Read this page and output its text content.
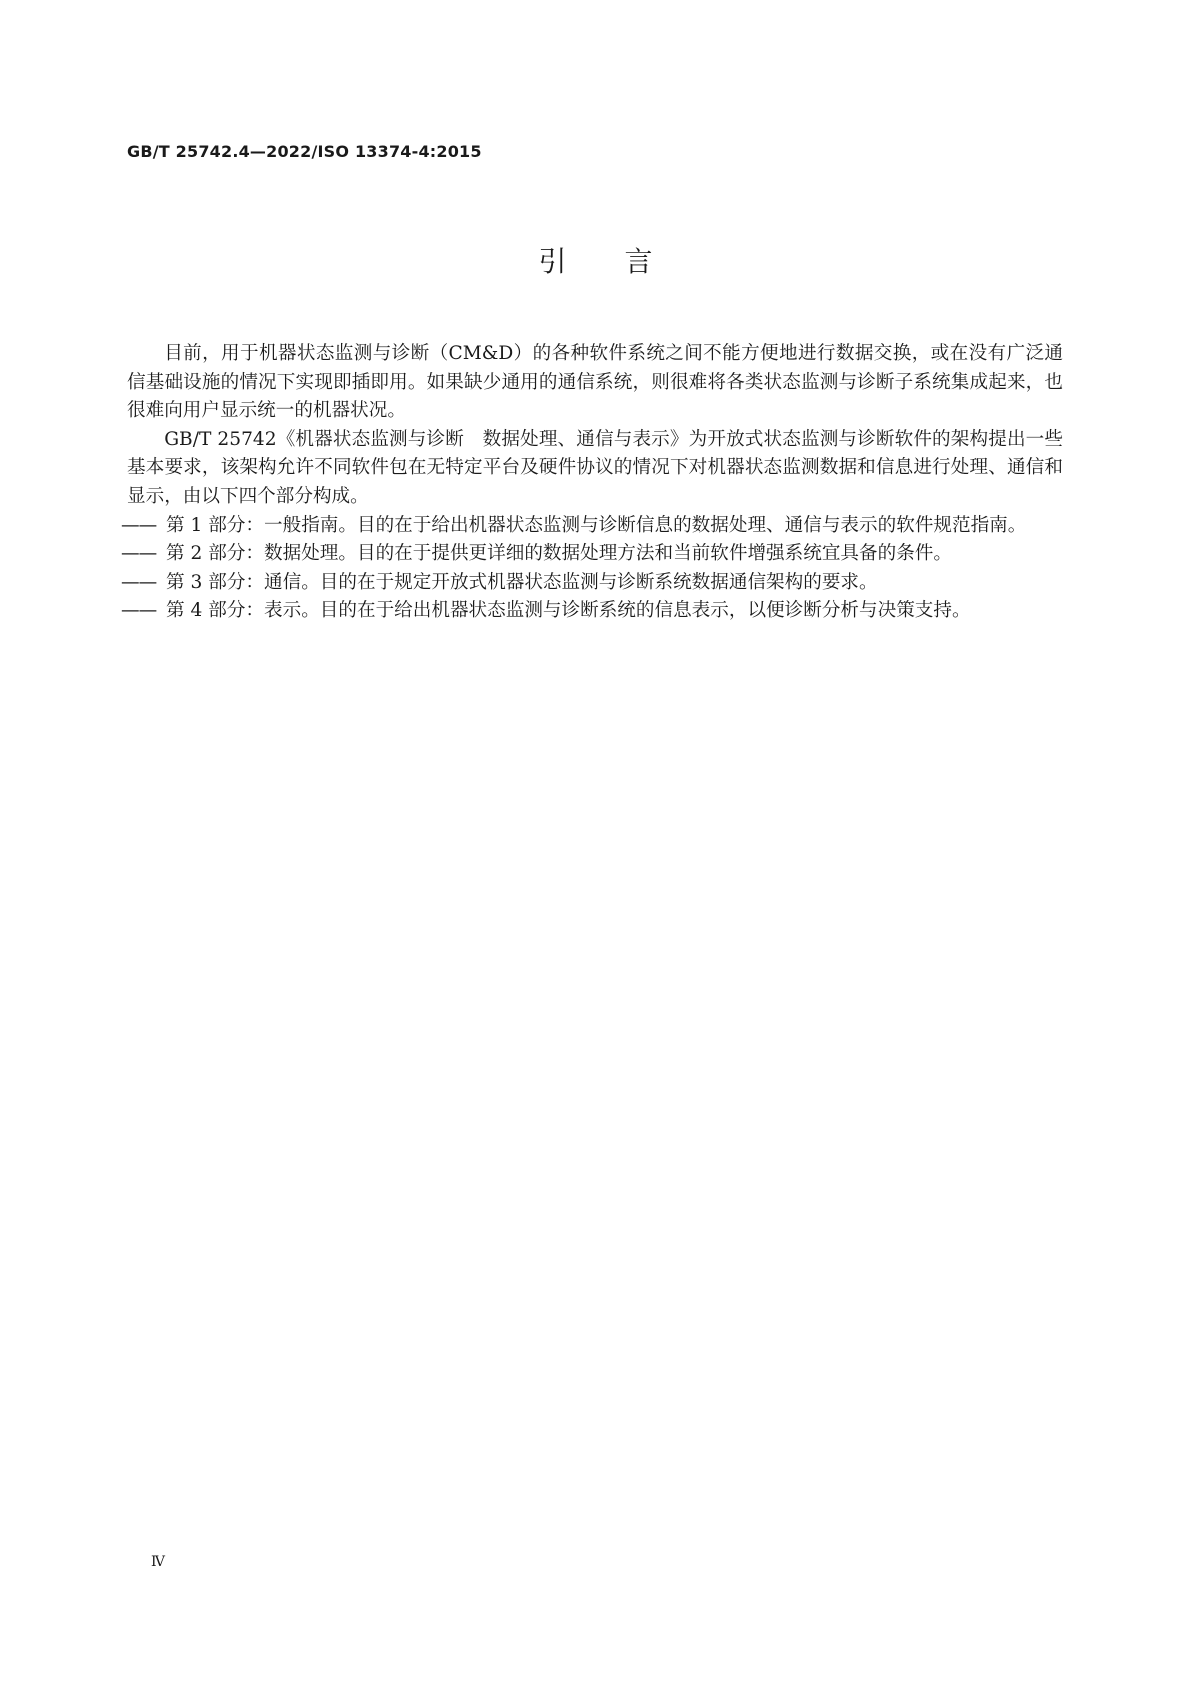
GB/T 25742.4—2022/ISO 13374-4:2015
引言

目前，用于机器状态监测与诊断（CM&D）的各种软件系统之间不能方便地进行数据交换，或在没有广泛通信基础设施的情况下实现即插即用。如果缺少通用的通信系统，则很难将各类状态监测与诊断子系统集成起来，也很难向用户显示统一的机器状况。

GB/T 25742《机器状态监测与诊断　数据处理、通信与表示》为开放式状态监测与诊断软件的架构提出一些基本要求，该架构允许不同软件包在无特定平台及硬件协议的情况下对机器状态监测数据和信息进行处理、通信和显示，由以下四个部分构成。

—— 第 1 部分：一般指南。目的在于给出机器状态监测与诊断信息的数据处理、通信与表示的软件规范指南。
—— 第 2 部分：数据处理。目的在于提供更详细的数据处理方法和当前软件增强系统宜具备的条件。
—— 第 3 部分：通信。目的在于规定开放式机器状态监测与诊断系统数据通信架构的要求。
—— 第 4 部分：表示。目的在于给出机器状态监测与诊断系统的信息表示，以便诊断分析与决策支持。
Ⅳ
